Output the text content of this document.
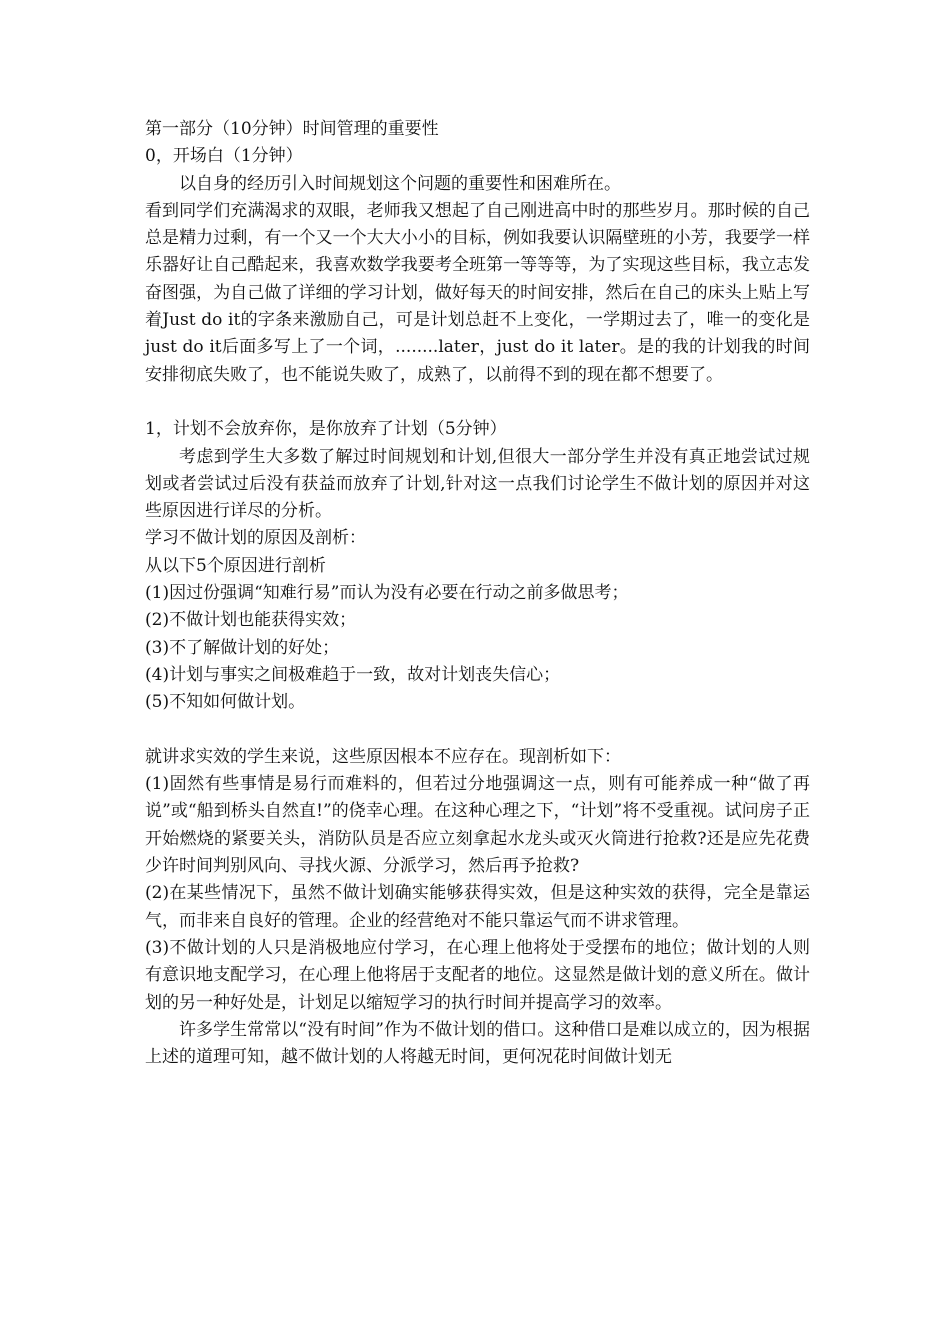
第一部分（10分钟）时间管理的重要性

0，开场白（1分钟）

以自身的经历引入时间规划这个问题的重要性和困难所在。

看到同学们充满渴求的双眼，老师我又想起了自己刚进高中时的那些岁月。那时候的自己总是精力过剩，有一个又一个大大小小的目标，例如我要认识隔壁班的小芳，我要学一样乐器好让自己酷起来，我喜欢数学我要考全班第一等等等，为了实现这些目标，我立志发奋图强，为自己做了详细的学习计划，做好每天的时间安排，然后在自己的床头上贴上写着Just do it的字条来激励自己，可是计划总赶不上变化，一学期过去了，唯一的变化是just do it后面多写上了一个词，........later，just do it later。是的我的计划我的时间安排彻底失败了，也不能说失败了，成熟了，以前得不到的现在都不想要了。

1，计划不会放弃你，是你放弃了计划（5分钟）

考虑到学生大多数了解过时间规划和计划,但很大一部分学生并没有真正地尝试过规划或者尝试过后没有获益而放弃了计划,针对这一点我们讨论学生不做计划的原因并对这些原因进行详尽的分析。

学习不做计划的原因及剖析：

从以下5个原因进行剖析

(1)因过份强调“知难行易”而认为没有必要在行动之前多做思考；

(2)不做计划也能获得实效；

(3)不了解做计划的好处；

(4)计划与事实之间极难趋于一致，故对计划丧失信心；

(5)不知如何做计划。

就讲求实效的学生来说，这些原因根本不应存在。现剖析如下：

(1)固然有些事情是易行而难料的，但若过分地强调这一点，则有可能养成一种“做了再说”或“船到桥头自然直!”的侥幸心理。在这种心理之下，“计划”将不受重视。试问房子正开始燃烧的紧要关头，消防队员是否应立刻拿起水龙头或灭火筒进行抢救?还是应先花费少许时间判别风向、寻找火源、分派学习，然后再予抢救?

(2)在某些情况下，虽然不做计划确实能够获得实效，但是这种实效的获得，完全是靠运气，而非来自良好的管理。企业的经营绝对不能只靠运气而不讲求管理。

(3)不做计划的人只是消极地应付学习，在心理上他将处于受摆布的地位；做计划的人则有意识地支配学习，在心理上他将居于支配者的地位。这显然是做计划的意义所在。做计划的另一种好处是，计划足以缩短学习的执行时间并提高学习的效率。

许多学生常常以“没有时间”作为不做计划的借口。这种借口是难以成立的，因为根据上述的道理可知，越不做计划的人将越无时间，更何况花时间做计划无
